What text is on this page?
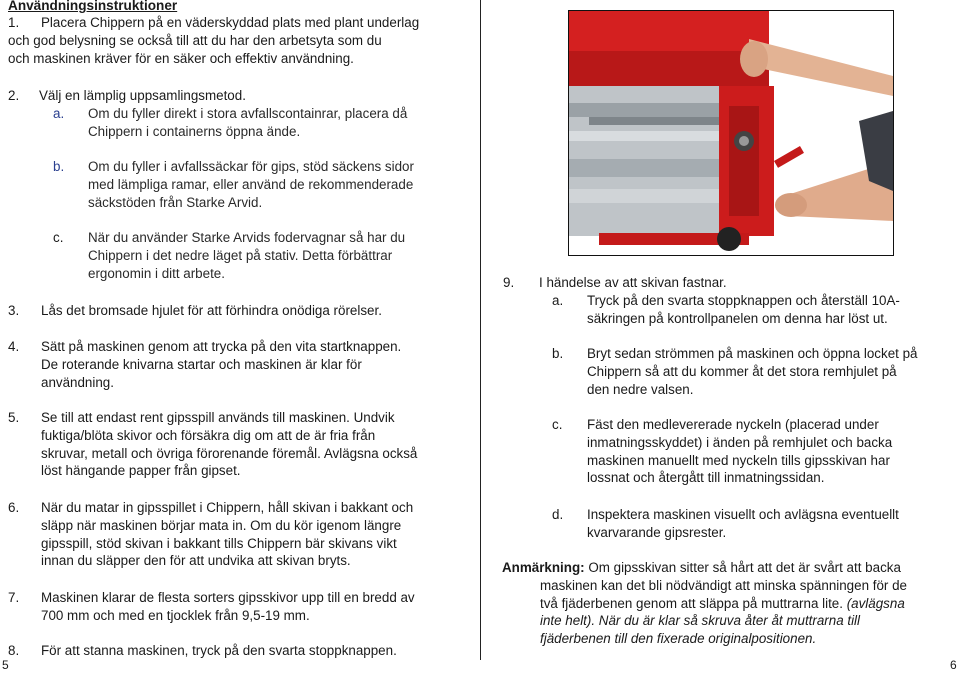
Användningsinstruktioner
1. Placera Chippern på en väderskyddad plats med plant underlag
och god belysning se också till att du har den arbetsyta som du
och maskinen kräver för en säker och effektiv användning.
2. Välj en lämplig uppsamlingsmetod.
a. Om du fyller direkt i stora avfallscontainrar, placera då
Chippern i containerns öppna ände.
b. Om du fyller i avfallssäckar för gips, stöd säckens sidor
med lämpliga ramar, eller använd de rekommenderade
säckstöden från Starke Arvid.
c. När du använder Starke Arvids fodervagnar så har du
Chippern i det nedre läget på stativ. Detta förbättrar
ergonomin i ditt arbete.
3. Lås det bromsade hjulet för att förhindra onödiga rörelser.
4. Sätt på maskinen genom att trycka på den vita startknappen.
De roterande knivarna startar och maskinen är klar för
användning.
5. Se till att endast rent gipsspill används till maskinen. Undvik
fuktiga/blöta skivor och försäkra dig om att de är fria från
skruvar, metall och övriga förorenande föremål. Avlägsna också
löst hängande papper från gipset.
6. När du matar in gipsspillet i Chippern, håll skivan i bakkant och
släpp när maskinen börjar mata in. Om du kör igenom längre
gipsspill, stöd skivan i bakkant tills Chippern bär skivans vikt
innan du släpper den för att undvika att skivan bryts.
7. Maskinen klarar de flesta sorters gipsskivor upp till en bredd av
700 mm och med en tjocklek från 9,5-19 mm.
8. För att stanna maskinen, tryck på den svarta stoppknappen.
5
9. I händelse av att skivan fastnar.
a. Tryck på den svarta stoppknappen och återställ 10A-
säkringen på kontrollpanelen om denna har löst ut.
b. Bryt sedan strömmen på maskinen och öppna locket på
Chippern så att du kommer åt det stora remhjulet på
den nedre valsen.
c. Fäst den medlevererade nyckeln (placerad under
inmatningsskyddet) i änden på remhjulet och backa
maskinen manuellt med nyckeln tills gipsskivan har
lossnat och återgått till inmatningssidan.
d. Inspektera maskinen visuellt och avlägsna eventuellt
kvarvarande gipsrester.
Anmärkning: Om gipsskivan sitter så hårt att det är svårt att backa
maskinen kan det bli nödvändigt att minska spänningen för de
två fjäderbenen genom att släppa på muttrarna lite. (avlägsna
inte helt). När du är klar så skruva åter åt muttrarna till
fjäderbenen till den fixerade originalpositionen.
6
